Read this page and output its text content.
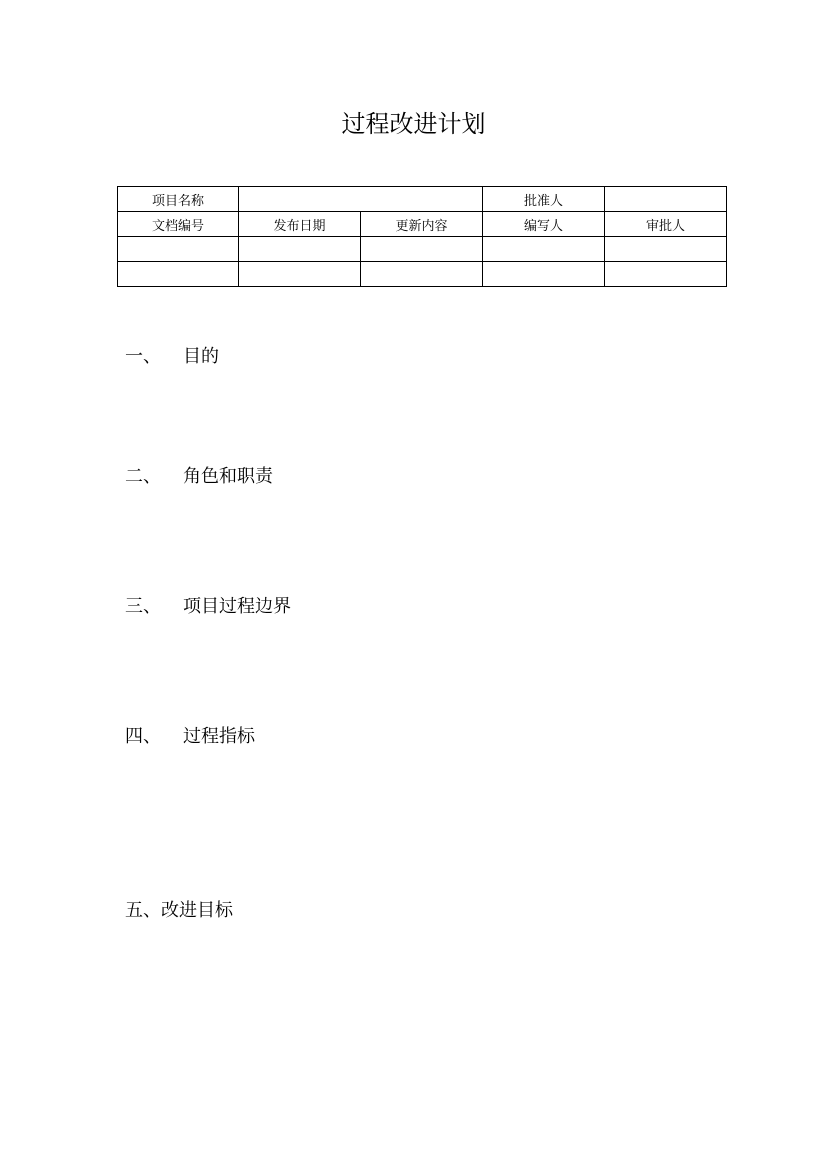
过程改进计划
项目名称			批准人	
文档编号	发布日期	更新内容	编写人	审批人

一、 目的
二、 角色和职责
三、 项目过程边界
四、 过程指标
五、改进目标
